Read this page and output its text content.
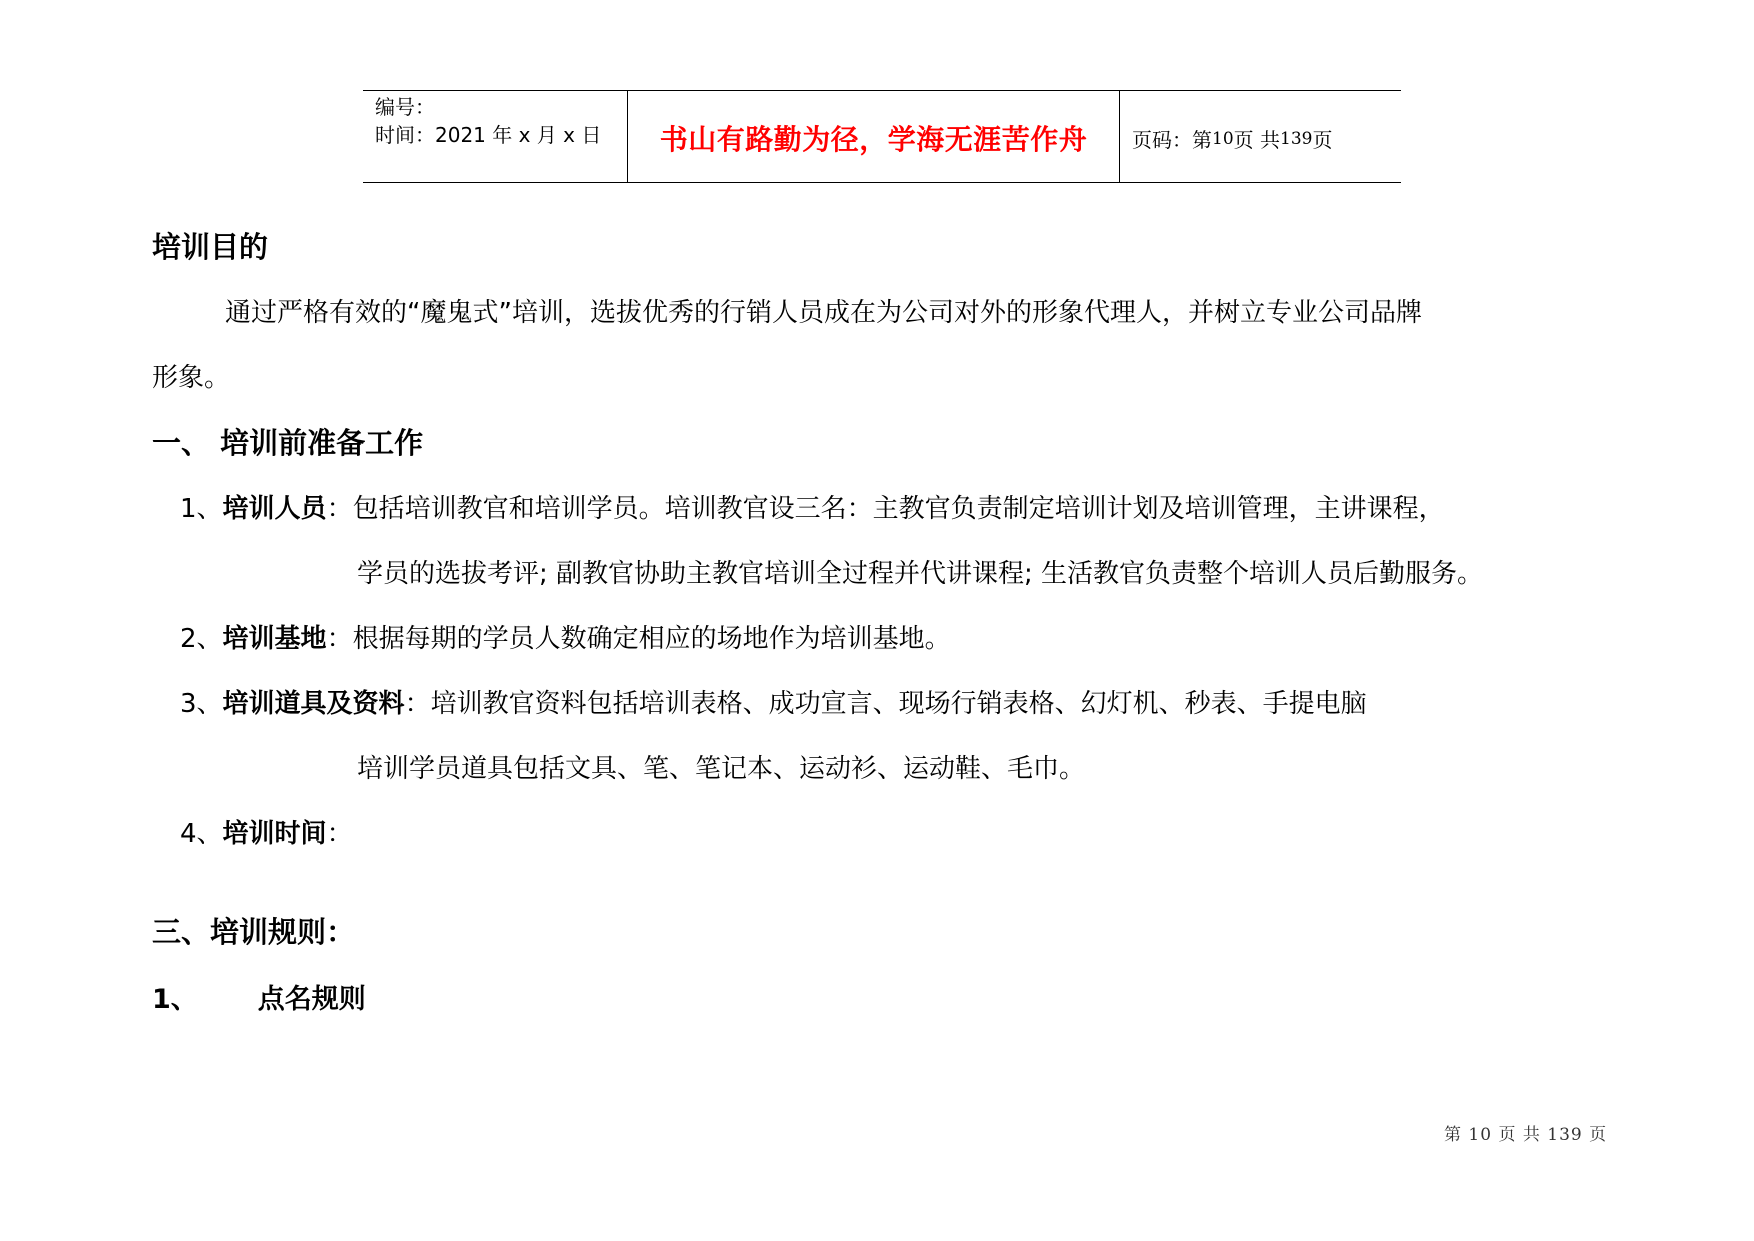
编号：
时间：2021 年 x 月 x 日	书山有路勤为径，学海无涯苦作舟 页码：第 10 页 共 139 页
培训目的
通过严格有效的“魔鬼式”培训，选拔优秀的行销人员成在为公司对外的形象代理人，并树立专业公司品牌
形象。
一、 培训前准备工作
1、培训人员：包括培训教官和培训学员。培训教官设三名：主教官负责制定培训计划及培训管理，主讲课程，
学员的选拔考评; 副教官协助主教官培训全过程并代讲课程; 生活教官负责整个培训人员后勤服务。
2、培训基地：根据每期的学员人数确定相应的场地作为培训基地。
3、培训道具及资料：培训教官资料包括培训表格、成功宣言、现场行销表格、幻灯机、秒表、手提电脑
培训学员道具包括文具、笔、笔记本、运动衫、运动鞋、毛巾。
4、培训时间：
三、培训规则：
1、 点名规则
第 10 页 共 139 页
